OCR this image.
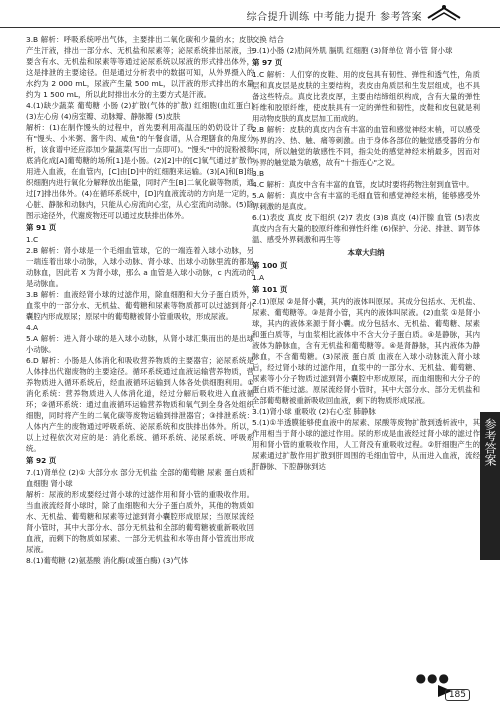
综合提升训练 中考能力提升 参考答案

3.B 解析：呼吸系统呼出气体，主要排出二氧化碳和少量的水；皮肤产生汗液，排出一部分水、无机盐和尿素等；泌尿系统排出尿液，主要含有水、无机盐和尿素等等通过泌尿系统以尿液的形式排出体外，这是排泄的主要途径。但是通过分析表中的数据可知，从外界摄入的水约为 2 000 mL，尿液产生量 500 mL，以汗液的形式排出的水量约为 1 500 mL，所以此时排出水分的主要方式是汗液。

4.(1)缺少蔬菜 葡萄糖 小肠 (2)扩散(气体的扩散) 红细胞(血红蛋白) (3)左心房 (4)房室瓣、动脉瓣、静脉瓣 (5)皮肤

解析：(1)在制作馒头的过程中，首先要利用高温压的奶奶设计了我有"馒头、小米粥、酱牛肉、咸鱼"的午餐食谱，从合理膳食的角度分析，该食谱中还应添加少量蔬菜(写出一点即可)。"馒头"中的淀粉被彻底消化成[A]葡萄糖的场所[1]是小肠。(2)[2]中的[C]氧气通过扩散作用进入血液，在血管内，[C]由[D]中的红细胞来运输。(3)[A]和[B]组织细胞内进行氧化分解释放出能量，同时产生[B]二氧化碳等物质，通过[7]排出体外。(4)在循环系统中，[D]内血液流动的方向是一定的，心脏、静脉和动脉内，只能从心房流向心室，从心室流向动脉。(5)除图示途径外，代谢废物还可以通过皮肤排出体外。

第 91 页

1.C

2.B 解析：肾小球是一个毛细血管球，它的一端连着入球小动脉，另一端连着出球小动脉，入球小动脉、肾小球、出球小动脉里流的都是动脉血，因此若 X 为肾小球，那么 a 血管是入球小动脉，c 内流动的是动脉血。

3.B 解析：血液经肾小球的过滤作用，除血细胞和大分子蛋白质外，血浆中的一部分水、无机盐、葡萄糖和尿素等物质都可以过滤到肾小囊腔内形成原尿；原尿中的葡萄糖被肾小管重吸收，形成尿液。

4.A

5.A 解析：进入肾小球的是入球小动脉，从肾小球汇集而出的是出球小动脉。

6.D 解析：小肠是人体消化和吸收营养物质的主要器官；泌尿系统是人体排出代谢废物的主要途径。循环系统通过血液运输营养物质，营养物质进入循环系统后，经血液循环运输到人体各处供细胞利用。①消化系统：营养物质进入人体消化道，经过分解后吸收进入血液循环；②循环系统：通过血液循环运输营养物质和氧气到全身各处组织细胞，同时将产生的二氧化碳等废物运输到排泄器官；③排泄系统：人体内产生的废物通过呼吸系统、泌尿系统和皮肤排出体外。所以，以上过程依次对应的是：消化系统、循环系统、泌尿系统、呼吸系统。

第 92 页

7.(1)肾单位 (2)① 大部分水 部分无机盐 全部的葡萄糖 尿素 蛋白质和血细胞 肾小球

解析：尿液的形成要经过肾小球的过滤作用和肾小管的重吸收作用。当血液流经肾小球时，除了血细胞和大分子蛋白质外，其他的物质如水、无机盐、葡萄糖和尿素等过滤到肾小囊腔形成原尿；当原尿流经肾小管时，其中大部分水、部分无机盐和全部的葡萄糖被重新吸收回血液，而剩下的物质如尿素、一部分无机盐和水等由肾小管流出形成尿液。

8.(1)葡萄糖 (2)氨基酸 消化酶(或蛋白酶) (3)气体

交换 结合

9.(1)小肠 (2)肋间外肌 膈肌 红细胞 (3)肾单位 肾小管 肾小球

第 97 页

1.C 解析：人们穿的皮鞋、用的皮包具有韧性、弹性和透气性，角质层和真皮层是皮肤的主要结构，表皮由角质层和生发层组成，也不具备这些特点。真皮比表皮厚，主要由结缔组织构成，含有大量的弹性纤维和胶原纤维，使皮肤具有一定的弹性和韧性，皮鞋和皮包就是利用动物皮肤的真皮层加工而成的。

2.B 解析：皮肤的真皮内含有丰富的血管和感觉神经末梢，可以感受外界的冷、热、触、痛等刺激。由于身体各部位的触觉感受器的分布不同，所以触觉的敏感性不同，指尖处的感觉神经末梢最多，因而对外界的触觉最为敏感，故有"十指连心"之说。

3.B

4.C 解析：真皮中含有丰富的血管，皮试时要将药物注射到血管中。

5.A 解析：真皮中含有丰富的毛细血管和感觉神经末梢，能够感受外界刺激的是真皮。

6.(1)表皮 真皮 皮下组织 (2)7 表皮 (3)8 真皮 (4)汗腺 血管 (5)表皮 真皮内含有大量的胶原纤维和弹性纤维 (6)保护、分泌、排泄、调节体温、感受外界刺激和再生等

本章大归纳

第 100 页

1.A

第 101 页

2.(1)原尿 ②是肾小囊，其内的液体叫原尿。其成分包括水、无机盐、尿素、葡萄糖等。③是肾小管，其内的液体叫尿液。(2)血浆 ①是肾小球，其内的液体来源于肾小囊。成分包括水、无机盐、葡萄糖、尿素和蛋白质等，与血浆相比液体中不含大分子蛋白质。④是静脉，其内液体为静脉血，含有无机盐和葡萄糖等。④是肾静脉，其内液体为静脉血，不含葡萄糖。(3)尿液 蛋白质 血液在入球小动脉流入肾小球后，经过肾小球的过滤作用，血浆中的一部分水、无机盐、葡萄糖、尿素等小分子物质过滤到肾小囊腔中形成原尿，而血细胞和大分子的蛋白质不能过滤。原尿流经肾小管时，其中大部分水、部分无机盐和全部葡萄糖被重新吸收回血液，剩下的物质形成尿液。

3.(1)肾小球 重吸收 (2)右心室 肺静脉

5.(1)①半透膜能够使血液中的尿素、尿酸等废物扩散到透析液中，其作用相当于肾小球的滤过作用。尿的形成是血液经过肾小球的滤过作用和肾小管的重吸收作用，人工肾没有重吸收过程。②肝细胞产生的尿素通过扩散作用扩散到肝周围的毛细血管中，从而进入血液，流经肝静脉、下腔静脉到达

参考答案
●●●
185
